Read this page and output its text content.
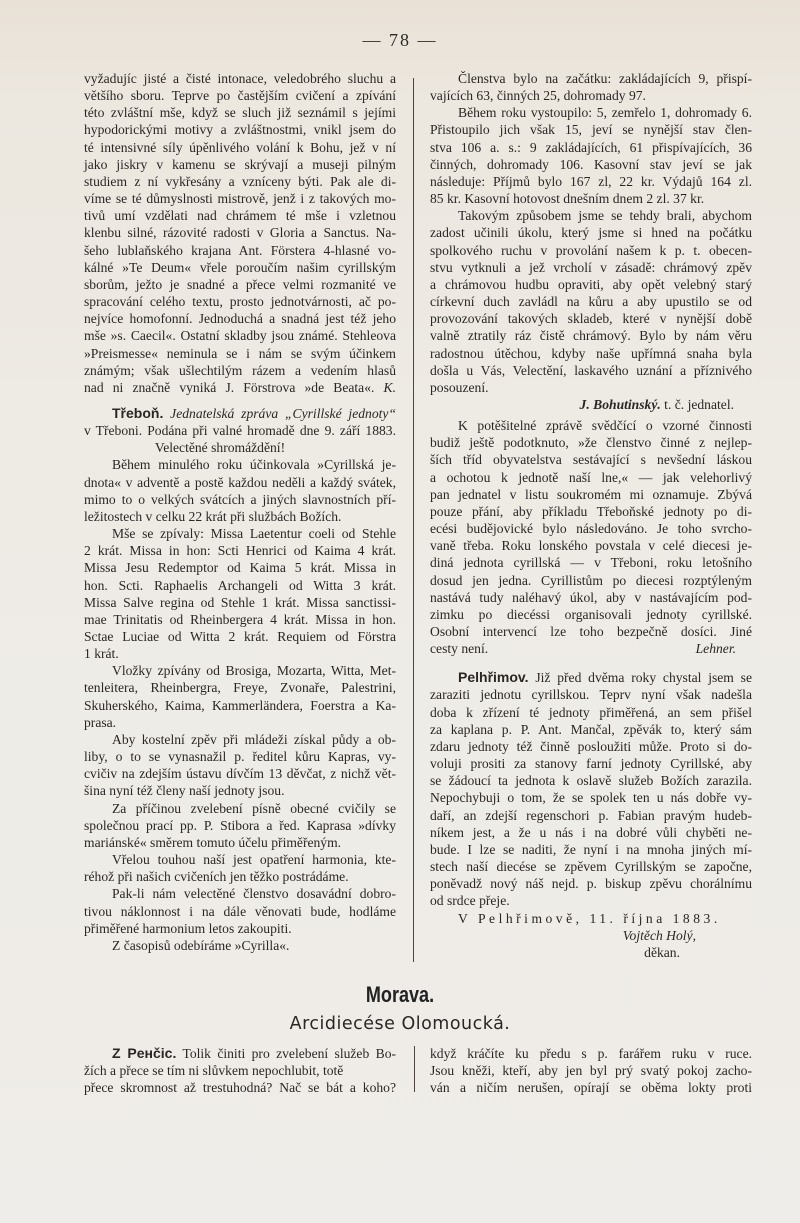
— 78 —
vyžadujíc jisté a čisté intonace, veledobrého sluchu a
většího sboru. Teprve po častějším cvičení a zpívání
této zvláštní mše, když se sluch již seznámil s jejími
hypodorickými motivy a zvláštnostmi, vnikl jsem do
té intensivné síly úpěnlivého volání k Bohu, jež v ní
jako jiskry v kamenu se skrývají a museji pilným
studiem z ní vykřesány a vzníceny býti. Pak ale di-
víme se té důmyslnosti mistrově, jenž i z takových mo-
tivů umí vzdělati nad chrámem té mše i vzletnou
klenbu silné, rázovité radosti v Gloria a Sanctus. Na-
šeho lublaňského krajana Ant. Förstera 4-hlasné vo-
kálné »Te Deum« vřele poroučím našim cyrillským
sborům, ježto je snadné a přece velmi rozmanité ve
spracování celého textu, prosto jednotvárnosti, ač po-
nejvíce homofonní. Jednoduchá a snadná jest též jeho
mše »s. Caecil«. Ostatní skladby jsou známé. Stehleova
»Preismesse« neminula se i nám se svým účinkem
známým; však ušlechtilým rázem a vedením hlasů
nad ni značně vyniká J. Förstrova »de Beata«. K.
Třeboň. Jednatelská zpráva „Cyrillské jednoty“
v Třeboni. Podána při valné hromadě dne 9. září 1883.
Velectěné shromáždění!
Během minulého roku účinkovala »Cyrillská je-
dnota« v adventě a postě každou neděli a každý svátek,
mimo to o velkých svátcích a jiných slavnostních pří-
ležitostech v celku 22 krát při službách Božích.
Mše se zpívaly: Missa Laetentur coeli od Stehle
2 krát. Missa in hon: Scti Henrici od Kaima 4 krát.
Missa Jesu Redemptor od Kaima 5 krát. Missa in
hon. Scti. Raphaelis Archangeli od Witta 3 krát.
Missa Salve regina od Stehle 1 krát. Missa sanctissi-
mae Trinitatis od Rheinbergera 4 krát. Missa in hon.
Sctae Luciae od Witta 2 krát. Requiem od Förstra
1 krát.
Vložky zpívány od Brosiga, Mozarta, Witta, Met-
tenleitera, Rheinbergra, Freye, Zvonaře, Palestrini,
Skuherského, Kaima, Kammerländera, Foerstra a Ka-
prasa.
Aby kostelní zpěv při mládeži získal půdy a ob-
liby, o to se vynasnažil p. ředitel kůru Kapras, vy-
cvičiv na zdejším ústavu dívčím 13 děvčat, z nichž vět-
šina nyní též členy naší jednoty jsou.
Za příčinou zvelebení písně obecné cvičily se
společnou prací pp. P. Stibora a řed. Kaprasa »dívky
mariánské« směrem tomuto účelu přiměřeným.
Vřelou touhou naší jest opatření harmonia, kte-
réhož při našich cvičeních jen těžko postrádáme.
Pak-li nám velectěné členstvo dosavádní dobro-
tivou náklonnost i na dále věnovati bude, hodláme
přiměřené harmonium letos zakoupiti.
Z časopisů odebíráme »Cyrilla«.
Členstva bylo na začátku: zakládajících 9, přispí-
vajících 63, činných 25, dohromady 97.
Během roku vystoupilo: 5, zemřelo 1, dohromady 6.
Přistoupilo jich však 15, jeví se nynější stav člen-
stva 106 a. s.: 9 zakládajících, 61 přispívajících, 36
činných, dohromady 106. Kasovní stav jeví se jak
následuje: Příjmů bylo 167 zl, 22 kr. Výdajů 164 zl.
85 kr. Kasovní hotovost dnešním dnem 2 zl. 37 kr.
Takovým způsobem jsme se tehdy brali, abychom
zadost učinili úkolu, který jsme si hned na počátku
spolkového ruchu v provolání našem k p. t. obecen-
stvu vytknuli a jež vrcholí v zásadě: chrámový zpěv
a chrámovou hudbu opraviti, aby opět velebný starý
církevní duch zavládl na kůru a aby upustilo se od
provozování takových skladeb, které v nynější době
valně ztratily ráz čistě chrámový. Bylo by nám věru
radostnou útěchou, kdyby naše upřímná snaha byla
došla u Vás, Velectění, laskavého uznání a příznivého
posouzení.
J. Bohutinský. t. č. jednatel.
K potěšitelné zprávě svědčící o vzorné činnosti
budiž ještě podotknuto, »že členstvo činné z nejlep-
ších tříd obyvatelstva sestávající s nevšední láskou
a ochotou k jednotě naší lne,« — jak velehorlivý
pan jednatel v listu soukromém mi oznamuje. Zbývá
pouze přání, aby příkladu Třeboňské jednoty po di-
ecési budějovické bylo následováno. Je toho svrcho-
vaně třeba. Roku lonského povstala v celé diecesi je-
diná jednota cyrillská — v Třeboni, roku letošního
dosud jen jedna. Cyrillistům po diecesi rozptýleným
nastává tudy naléhavý úkol, aby v nastávajícím pod-
zimku po diecéssi organisovali jednoty cyrillské.
Osobní intervencí lze toho bezpečně dosíci. Jiné
cesty není.	Lehner.
Pelhřimov. Již před dvěma roky chystal jsem se
zaraziti jednotu cyrillskou. Teprv nyní však nadešla
doba k zřízení té jednoty přiměřená, an sem přišel
za kaplana p. P. Ant. Mančal, zpěvák to, který sám
zdaru jednoty též činně posloužiti může. Proto si do-
voluji prositi za stanovy farní jednoty Cyrillské, aby
se žádoucí ta jednota k oslavě služeb Božích zarazila.
Nepochybuji o tom, že se spolek ten u nás dobře vy-
daří, an zdejší regenschori p. Fabian pravým hudeb-
níkem jest, a že u nás i na dobré vůli chyběti ne-
bude. I lze se naditi, že nyní i na mnoha jiných mí-
stech naší diecése se zpěvem Cyrillským se započne,
poněvadž nový náš nejd. p. biskup zpěvu chorálnímu
od srdce přeje.
V Pelhřimově, 11. října 1883.
Vojtěch Holý,
děkan.
Morava.
Arcidiecése Olomoucká.
Z Pенčic. Tolik činiti pro zvelebení služeb Bo-
žích a přece se tím ni slůvkem nepochlubit, totě
přece skromnost až trestuhodná? Nač se bát a koho?
když kráčíte ku předu s p. farářem ruku v ruce.
Jsou kněži, kteří, aby jen byl prý svatý pokoj zacho-
ván a ničím nerušen, opírají se oběma lokty proti
